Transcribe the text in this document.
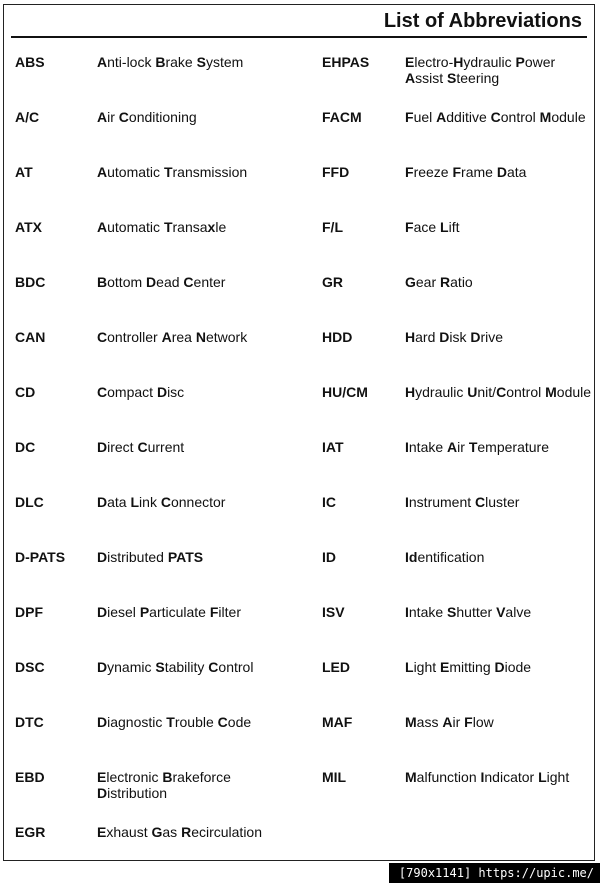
List of Abbreviations
ABS	Anti-lock Brake System
A/C	Air Conditioning
AT	Automatic Transmission
ATX	Automatic Transaxle
BDC	Bottom Dead Center
CAN	Controller Area Network
CD	Compact Disc
DC	Direct Current
DLC	Data Link Connector
D-PATS Distributed PATS
DPF	Diesel Particulate Filter
DSC	Dynamic Stability Control
DTC	Diagnostic Trouble Code
EBD	Electronic Brakeforce Distribution
EGR	Exhaust Gas Recirculation
EHPAS	Electro-Hydraulic Power Assist Steering
FACM	Fuel Additive Control Module
FFD	Freeze Frame Data
F/L	Face Lift
GR	Gear Ratio
HDD	Hard Disk Drive
HU/CM	Hydraulic Unit/Control Module
IAT	Intake Air Temperature
IC	Instrument Cluster
ID	Identification
ISV	Intake Shutter Valve
LED	Light Emitting Diode
MAF	Mass Air Flow
MIL	Malfunction Indicator Light
[790x1141] https://upic.me/
